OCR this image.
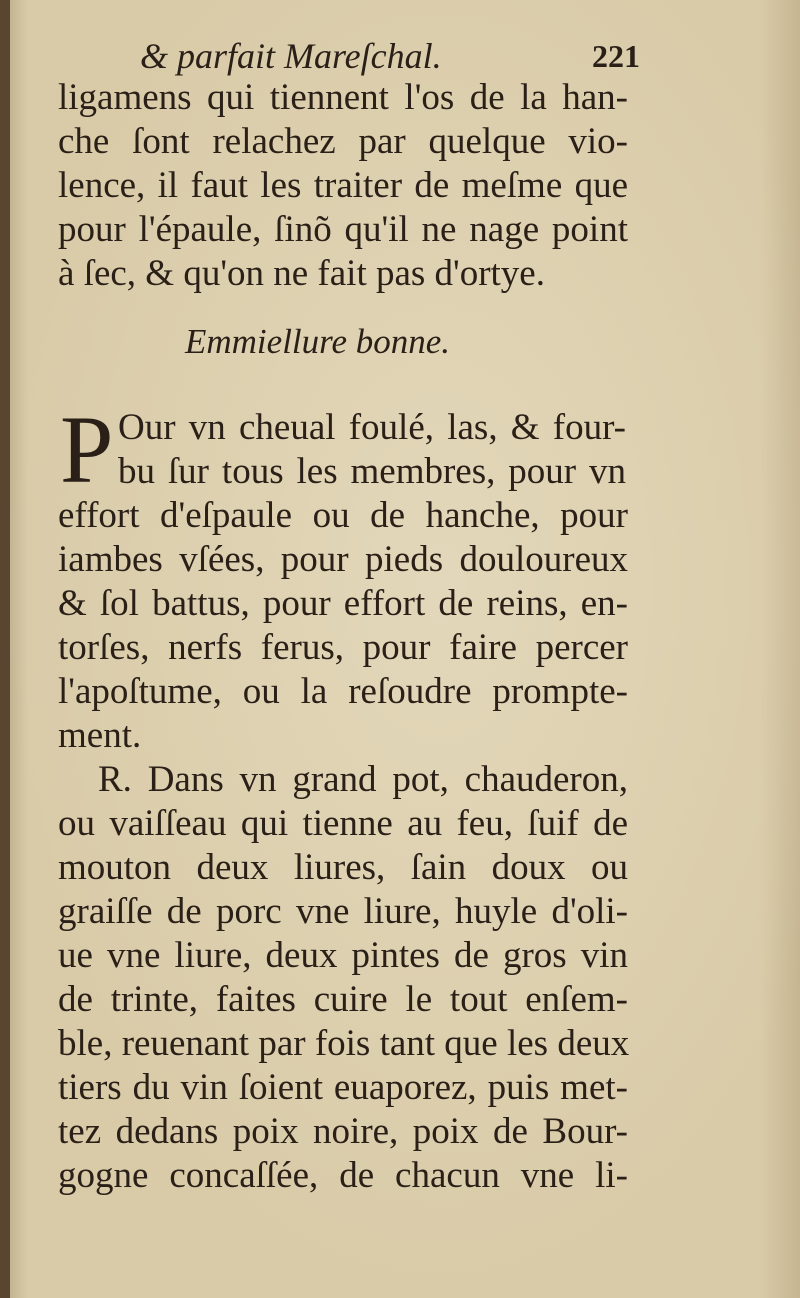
& parfait Mareſchal.	221
ligamens qui tiennent l'os de la han-
che ſont relachez par quelque vio-
lence, il faut les traiter de meſme que
pour l'épaule, ſinõ qu'il ne nage point
à ſec, & qu'on ne fait pas d'ortye.
Emmiellure bonne.
P Our vn cheual foulé, las, & four-
bu ſur tous les membres, pour vn
effort d'eſpaule ou de hanche, pour
iambes vſées, pour pieds douloureux
& ſol battus, pour effort de reins, en-
torſes, nerfs ferus, pour faire percer
l'apoſtume, ou la reſoudre prompte-
ment.
R. Dans vn grand pot, chauderon,
ou vaiſſeau qui tienne au feu, ſuif de
mouton deux liures, ſain doux ou
graiſſe de porc vne liure, huyle d'oli-
ue vne liure, deux pintes de gros vin
de trinte, faites cuire le tout enſem-
ble, reuenant par fois tant que les deux
tiers du vin ſoient euaporez, puis met-
tez dedans poix noire, poix de Bour-
gogne concaſſée, de chacun vne li-
